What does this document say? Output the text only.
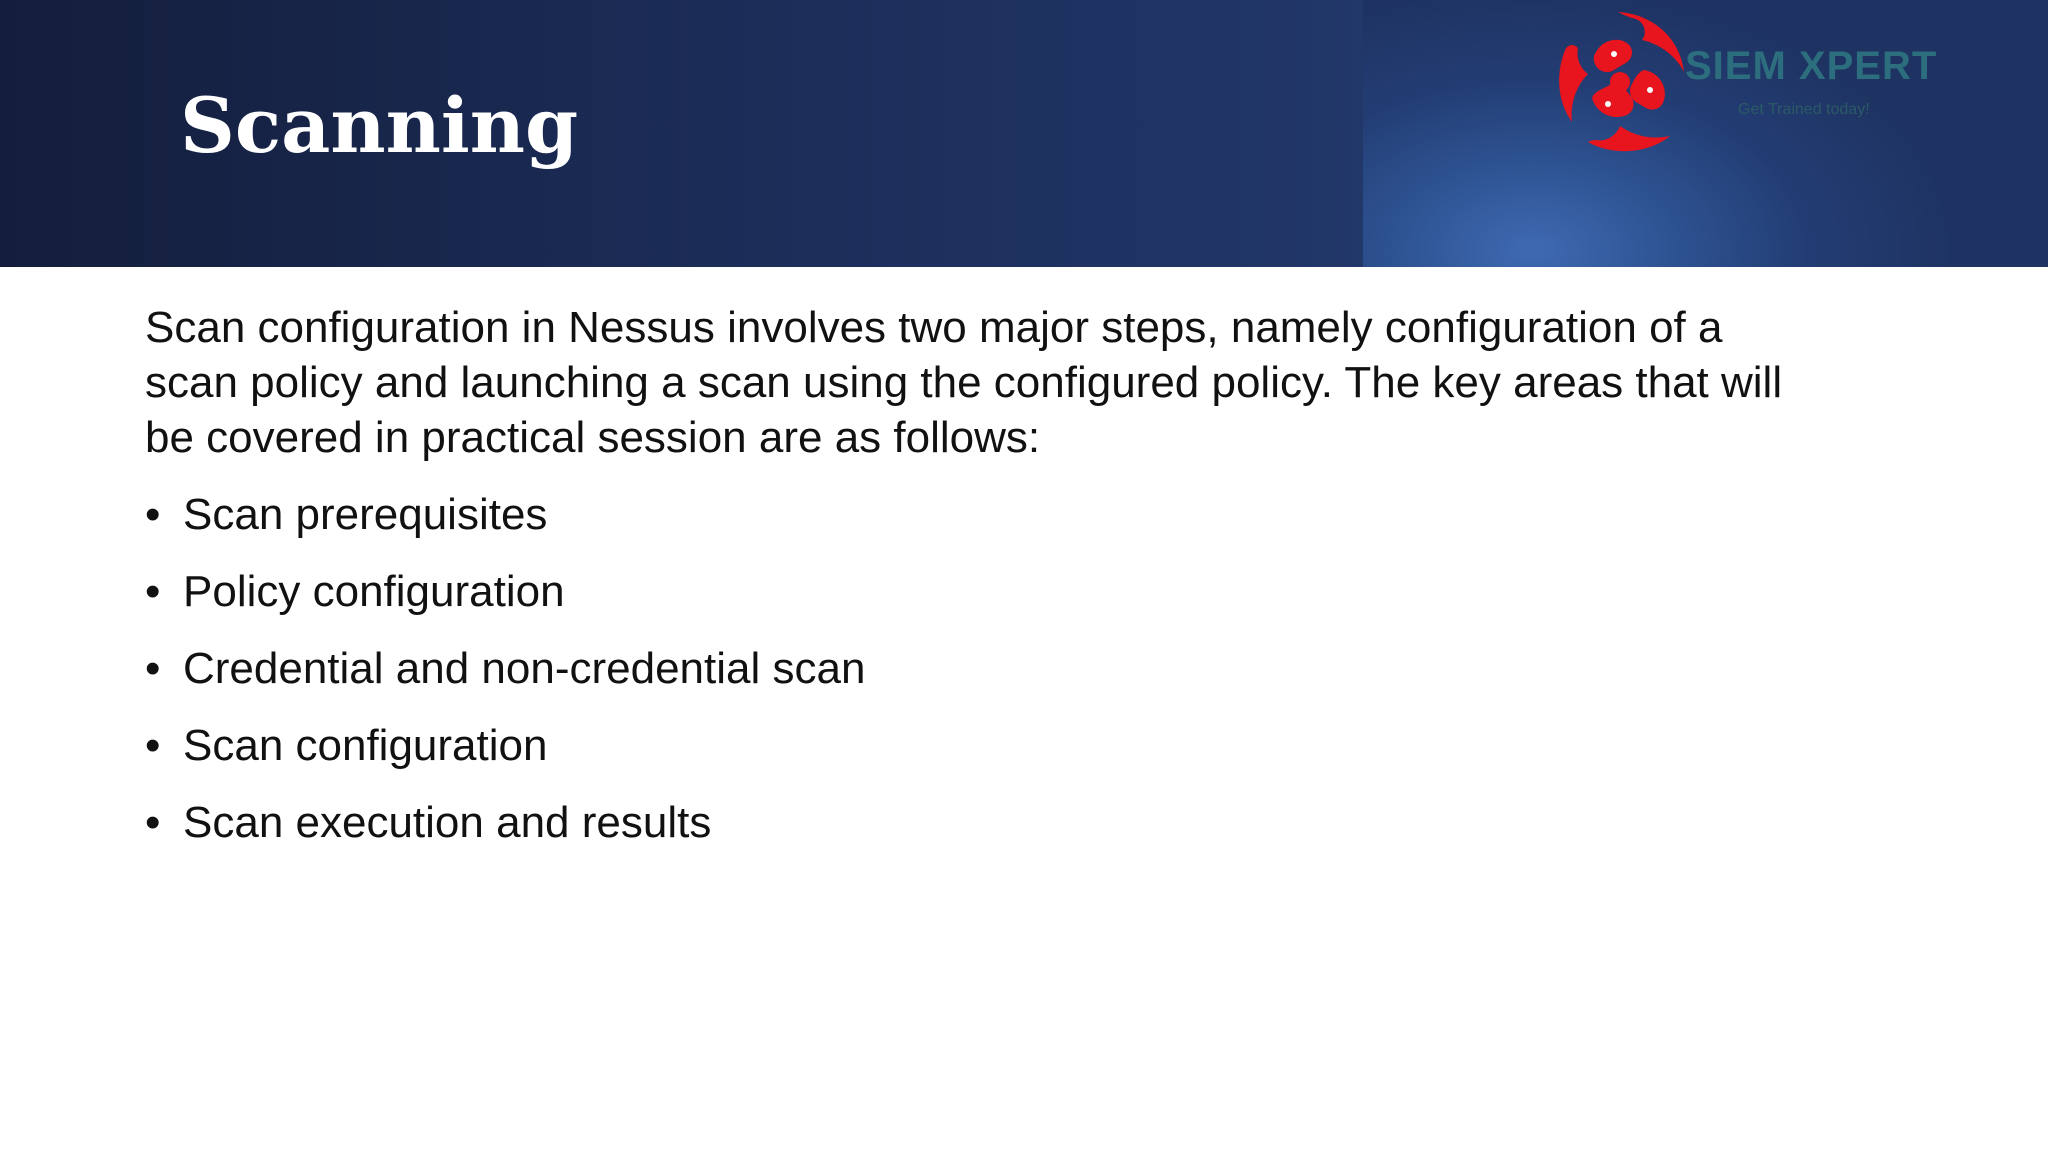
Scanning
SIEM XPERT
Get Trained today!

Scan configuration in Nessus involves two major steps, namely configuration of a scan policy and launching a scan using the configured policy. The key areas that will be covered in practical session are as follows:

• Scan prerequisites
• Policy configuration
• Credential and non-credential scan
• Scan configuration
• Scan execution and results
